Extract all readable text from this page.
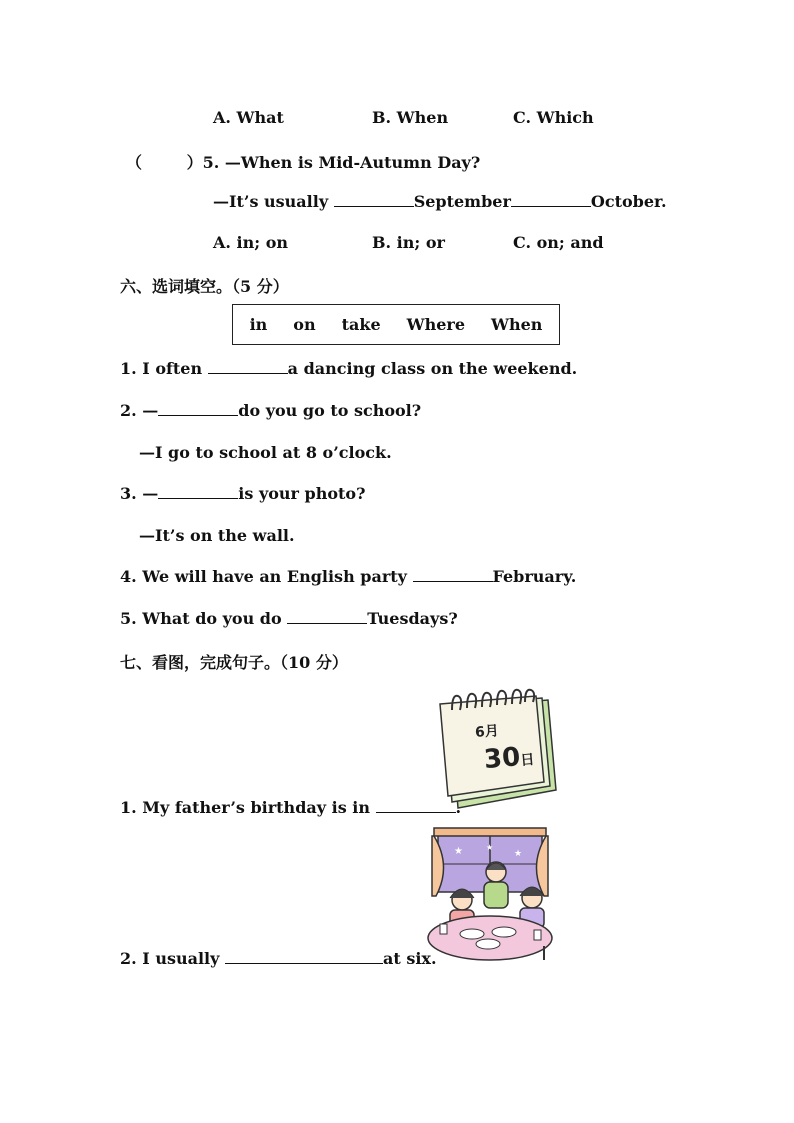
A. What	B. When	C. Which
（        ）5. —When is Mid-Autumn Day?
—It’s usually	September	October.
A. in; on	B. in; or	C. on; and
六、选词填空。（5 分）
in on take Where When
1. I often	a dancing class on the weekend.
2. —	do you go to school?
—I go to school at 8 o’clock.
3. —	is your photo?
—It’s on the wall.
4. We will have an English party	February.
5. What do you do	Tuesdays?
七、看图，完成句子。（10 分）
6月
30日
1. My father’s birthday is in	.
★	★
★
2. I usually	at six.
